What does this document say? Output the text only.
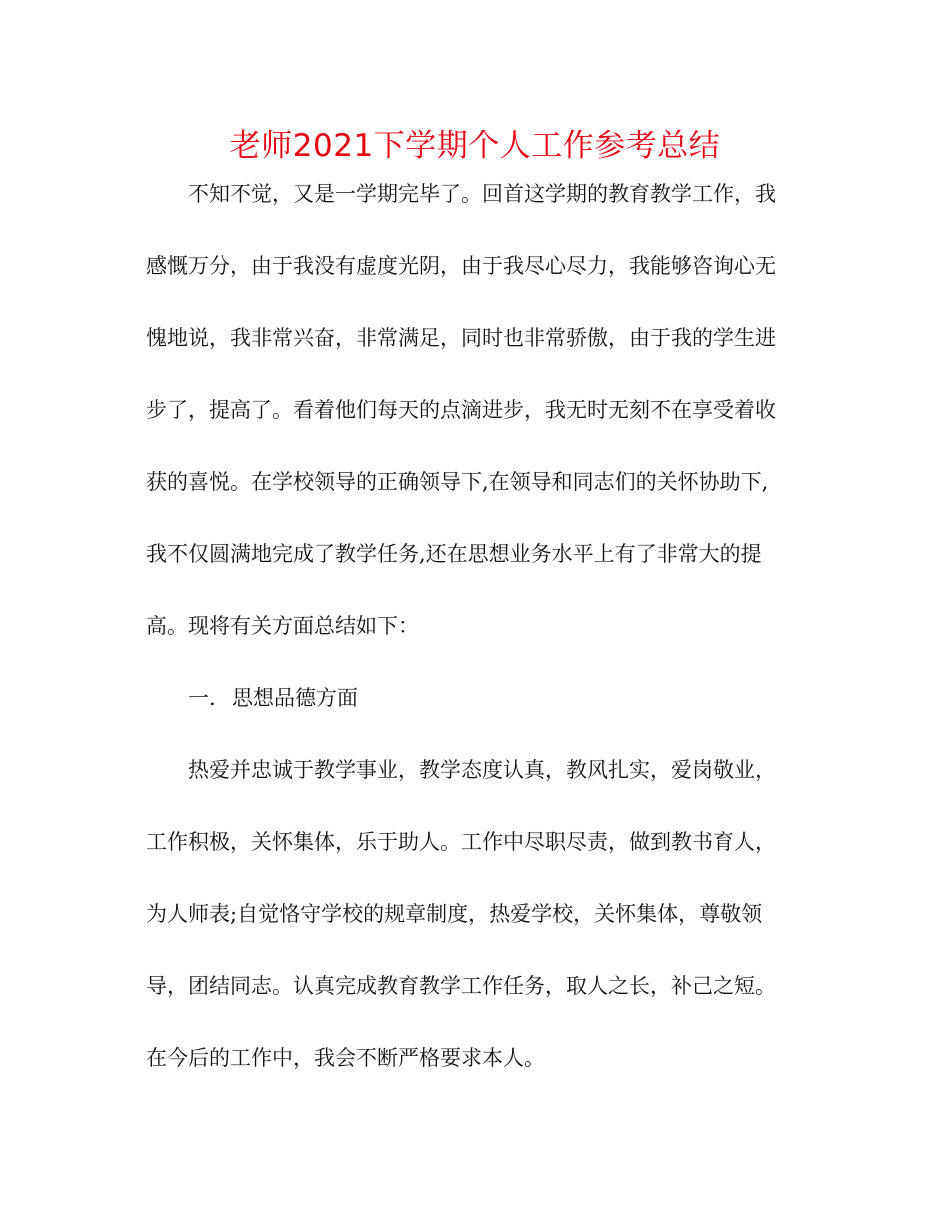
老师2021下学期个人工作参考总结
不知不觉，又是一学期完毕了。回首这学期的教育教学工作，我
感慨万分，由于我没有虚度光阴，由于我尽心尽力，我能够咨询心无
愧地说，我非常兴奋，非常满足，同时也非常骄傲，由于我的学生进
步了，提高了。看着他们每天的点滴进步，我无时无刻不在享受着收
获的喜悦。在学校领导的正确领导下,在领导和同志们的关怀协助下,
我不仅圆满地完成了教学任务,还在思想业务水平上有了非常大的提
高。现将有关方面总结如下：
一. 思想品德方面
热爱并忠诚于教学事业，教学态度认真，教风扎实，爱岗敬业，
工作积极，关怀集体，乐于助人。工作中尽职尽责，做到教书育人，
为人师表;自觉恪守学校的规章制度，热爱学校，关怀集体，尊敬领
导，团结同志。认真完成教育教学工作任务，取人之长，补己之短。
在今后的工作中，我会不断严格要求本人。
